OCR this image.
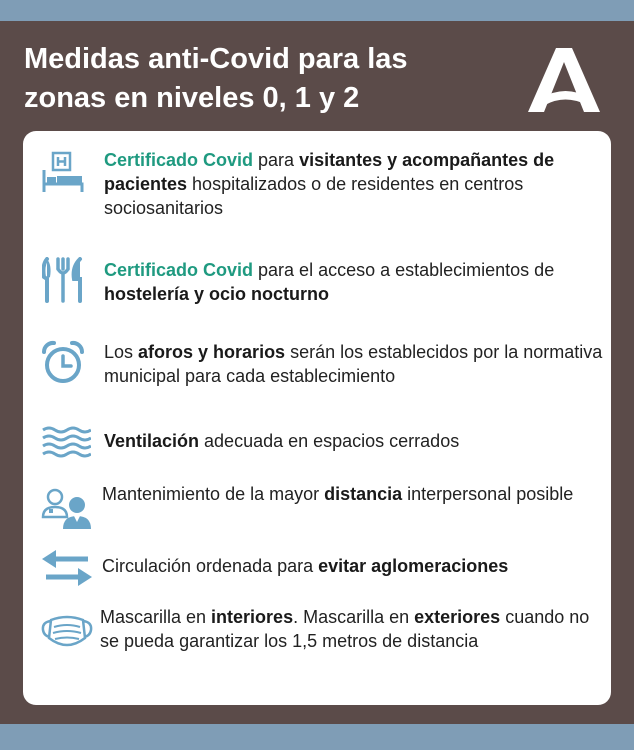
Medidas anti-Covid para las
zonas en niveles 0, 1 y 2

Certificado Covid para visitantes y acompañantes de pacientes hospitalizados o de residentes en centros sociosanitarios

Certificado Covid para el acceso a establecimientos de hostelería y ocio nocturno

Los aforos y horarios serán los establecidos por la normativa municipal para cada establecimiento

Ventilación adecuada en espacios cerrados

Mantenimiento de la mayor distancia interpersonal posible

Circulación ordenada para evitar aglomeraciones

Mascarilla en interiores. Mascarilla en exteriores cuando no se pueda garantizar los 1,5 metros de distancia
